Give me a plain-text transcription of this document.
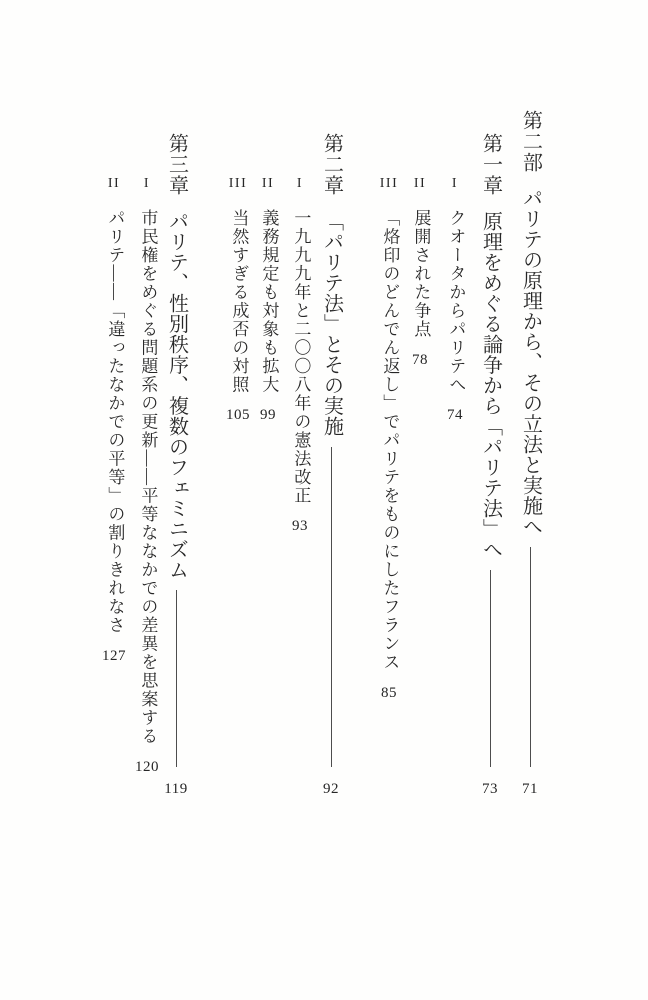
第二部パリテの原理から、その立法と実施へ
71
第一章原理をめぐる論争から「パリテ法」へ
73
I
クオータからパリテへ
74
II
展開された争点
78
III
「烙印のどんでん返し」でパリテをものにしたフランス
85
第二章「パリテ法」とその実施
92
I
一九九九年と二〇〇八年の憲法改正
93
II
義務規定も対象も拡大
99
III
当然すぎる成否の対照
105
第三章パリテ、性別秩序、複数のフェミニズム
119
I
市民権をめぐる問題系の更新——平等ななかでの差異を思案する
120
II
パリテ——「違ったなかでの平等」の割りきれなさ
127
